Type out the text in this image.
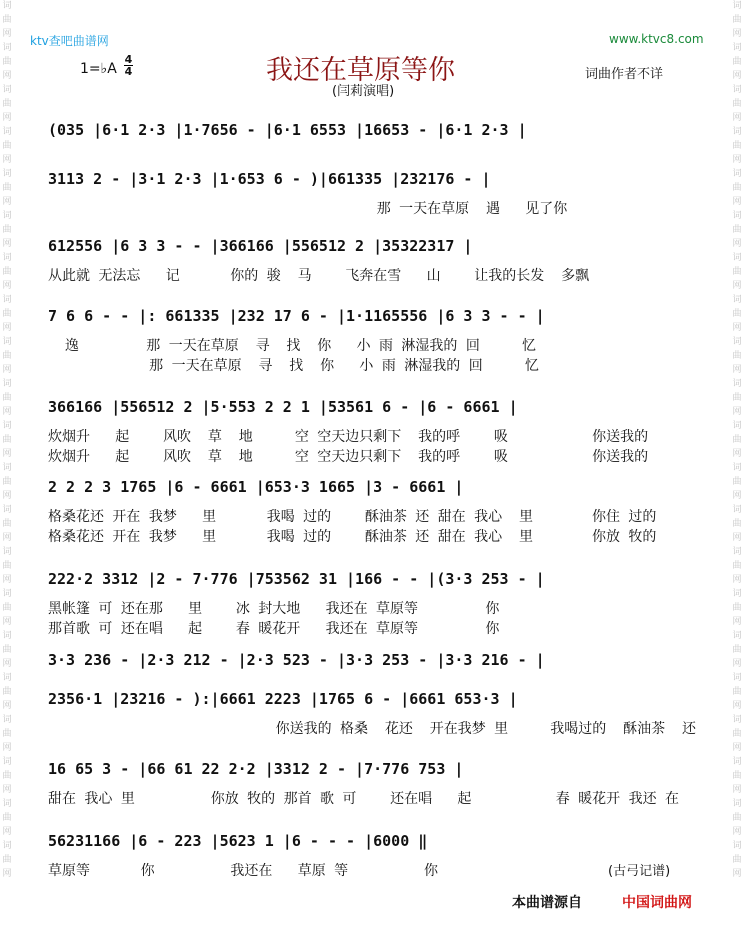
词
曲
网
词
曲
网
词
曲
网
词
曲
网
词
曲
网
词
曲
网
词
曲
网
词
曲
网
词
曲
网
词
曲
网
词
曲
网
词
曲
网
词
曲
网
词
曲
网
词
曲
网
词
曲
网
词
曲
网
词
曲
网
词
曲
网
词
曲
网
词
曲
网
词
曲
网
词
曲
网
词
曲
网
词
曲
网
词
曲
网
词
曲
网
词
曲
网
词
曲
网
词
曲
网
词
曲
网
词
曲
网
词
曲
网
词
曲
网
词
曲
网
词
曲
网
词
曲
网
词
曲
网
词
曲
网
词
曲
网
词
曲
网
词
曲
网
ktv查吧曲谱网	www.ktvc8.com
我还在草原等你
(闫莉演唱)
词曲作者不详
1=♭A
4
4
(035 |6·1 2·3 |1·7656 - |6·1 6553 |16653 - |6·1 2·3 |
3113 2 - |3·1 2·3 |1·653 6 - )|661335 |232176 - |
那 一天在草原  遇   见了你
612556 |6 3 3 - - |366166 |556512 2 |35322317 |
从此就 无法忘   记      你的 骏  马    飞奔在雪   山    让我的长发  多飘
7 6 6 - - |: 661335 |232 17 6 - |1·1165556 |6 3 3 - - |
逸        那 一天在草原  寻  找  你   小 雨 淋湿我的 回     忆
那 一天在草原  寻  找  你   小 雨 淋湿我的 回     忆
366166 |556512 2 |5·553 2 2 1 |53561 6 - |6 - 6661 |
炊烟升   起    风吹  草  地     空 空天边只剩下  我的呼    吸          你送我的
炊烟升   起    风吹  草  地     空 空天边只剩下  我的呼    吸          你送我的
2 2 2 3 1765 |6 - 6661 |653·3 1665 |3 - 6661 |
格桑花还 开在 我梦   里      我喝 过的    酥油茶 还 甜在 我心  里       你住 过的
格桑花还 开在 我梦   里      我喝 过的    酥油茶 还 甜在 我心  里       你放 牧的
222·2 3312 |2 - 7·776 |753562 31 |166 - - |(3·3 253 - |
黑帐篷 可 还在那   里    冰 封大地   我还在 草原等        你
那首歌 可 还在唱   起    春 暖花开   我还在 草原等        你
3·3 236 - |2·3 212 - |2·3 523 - |3·3 253 - |3·3 216 - |
2356·1 |23216 - ):|6661 2223 |1765 6 - |6661 653·3 |
你送我的 格桑  花还  开在我梦 里     我喝过的  酥油茶  还
16 65 3 - |66 61 22 2·2 |3312 2 - |7·776 753 |
甜在 我心 里         你放 牧的 那首 歌 可    还在唱   起          春 暖花开 我还 在
56231166 |6 - 223 |5623 1 |6 - - - |6000 ‖
草原等      你         我还在   草原 等         你	(古弓记谱)
本曲谱源自	中国词曲网
